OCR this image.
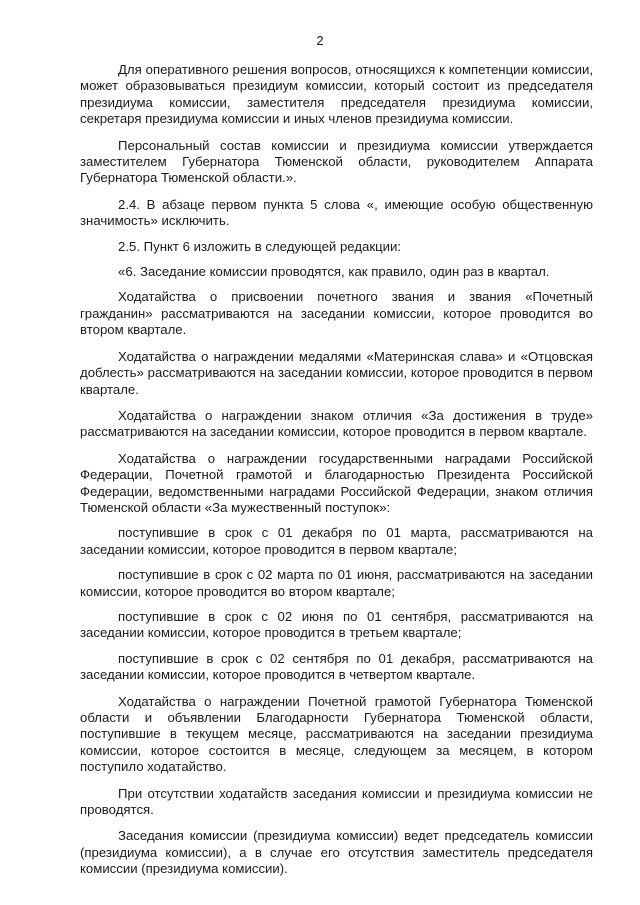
2

Для оперативного решения вопросов, относящихся к компетенции комиссии, может образовываться президиум комиссии, который состоит из председателя президиума комиссии, заместителя председателя президиума комиссии, секретаря президиума комиссии и иных членов президиума комиссии.

Персональный состав комиссии и президиума комиссии утверждается заместителем Губернатора Тюменской области, руководителем Аппарата Губернатора Тюменской области.».

2.4. В абзаце первом пункта 5 слова «, имеющие особую общественную значимость» исключить.

2.5. Пункт 6 изложить в следующей редакции:

«6. Заседание комиссии проводятся, как правило, один раз в квартал.

Ходатайства о присвоении почетного звания и звания «Почетный гражданин» рассматриваются на заседании комиссии, которое проводится во втором квартале.

Ходатайства о награждении медалями «Материнская слава» и «Отцовская доблесть» рассматриваются на заседании комиссии, которое проводится в первом квартале.

Ходатайства о награждении знаком отличия «За достижения в труде» рассматриваются на заседании комиссии, которое проводится в первом квартале.

Ходатайства о награждении государственными наградами Российской Федерации, Почетной грамотой и благодарностью Президента Российской Федерации, ведомственными наградами Российской Федерации, знаком отличия Тюменской области «За мужественный поступок»:

поступившие в срок с 01 декабря по 01 марта, рассматриваются на заседании комиссии, которое проводится в первом квартале;

поступившие в срок с 02 марта по 01 июня, рассматриваются на заседании комиссии, которое проводится во втором квартале;

поступившие в срок с 02 июня по 01 сентября, рассматриваются на заседании комиссии, которое проводится в третьем квартале;

поступившие в срок с 02 сентября по 01 декабря, рассматриваются на заседании комиссии, которое проводится в четвертом квартале.

Ходатайства о награждении Почетной грамотой Губернатора Тюменской области и объявлении Благодарности Губернатора Тюменской области, поступившие в текущем месяце, рассматриваются на заседании президиума комиссии, которое состоится в месяце, следующем за месяцем, в котором поступило ходатайство.

При отсутствии ходатайств заседания комиссии и президиума комиссии не проводятся.

Заседания комиссии (президиума комиссии) ведет председатель комиссии (президиума комиссии), а в случае его отсутствия заместитель председателя комиссии (президиума комиссии).
